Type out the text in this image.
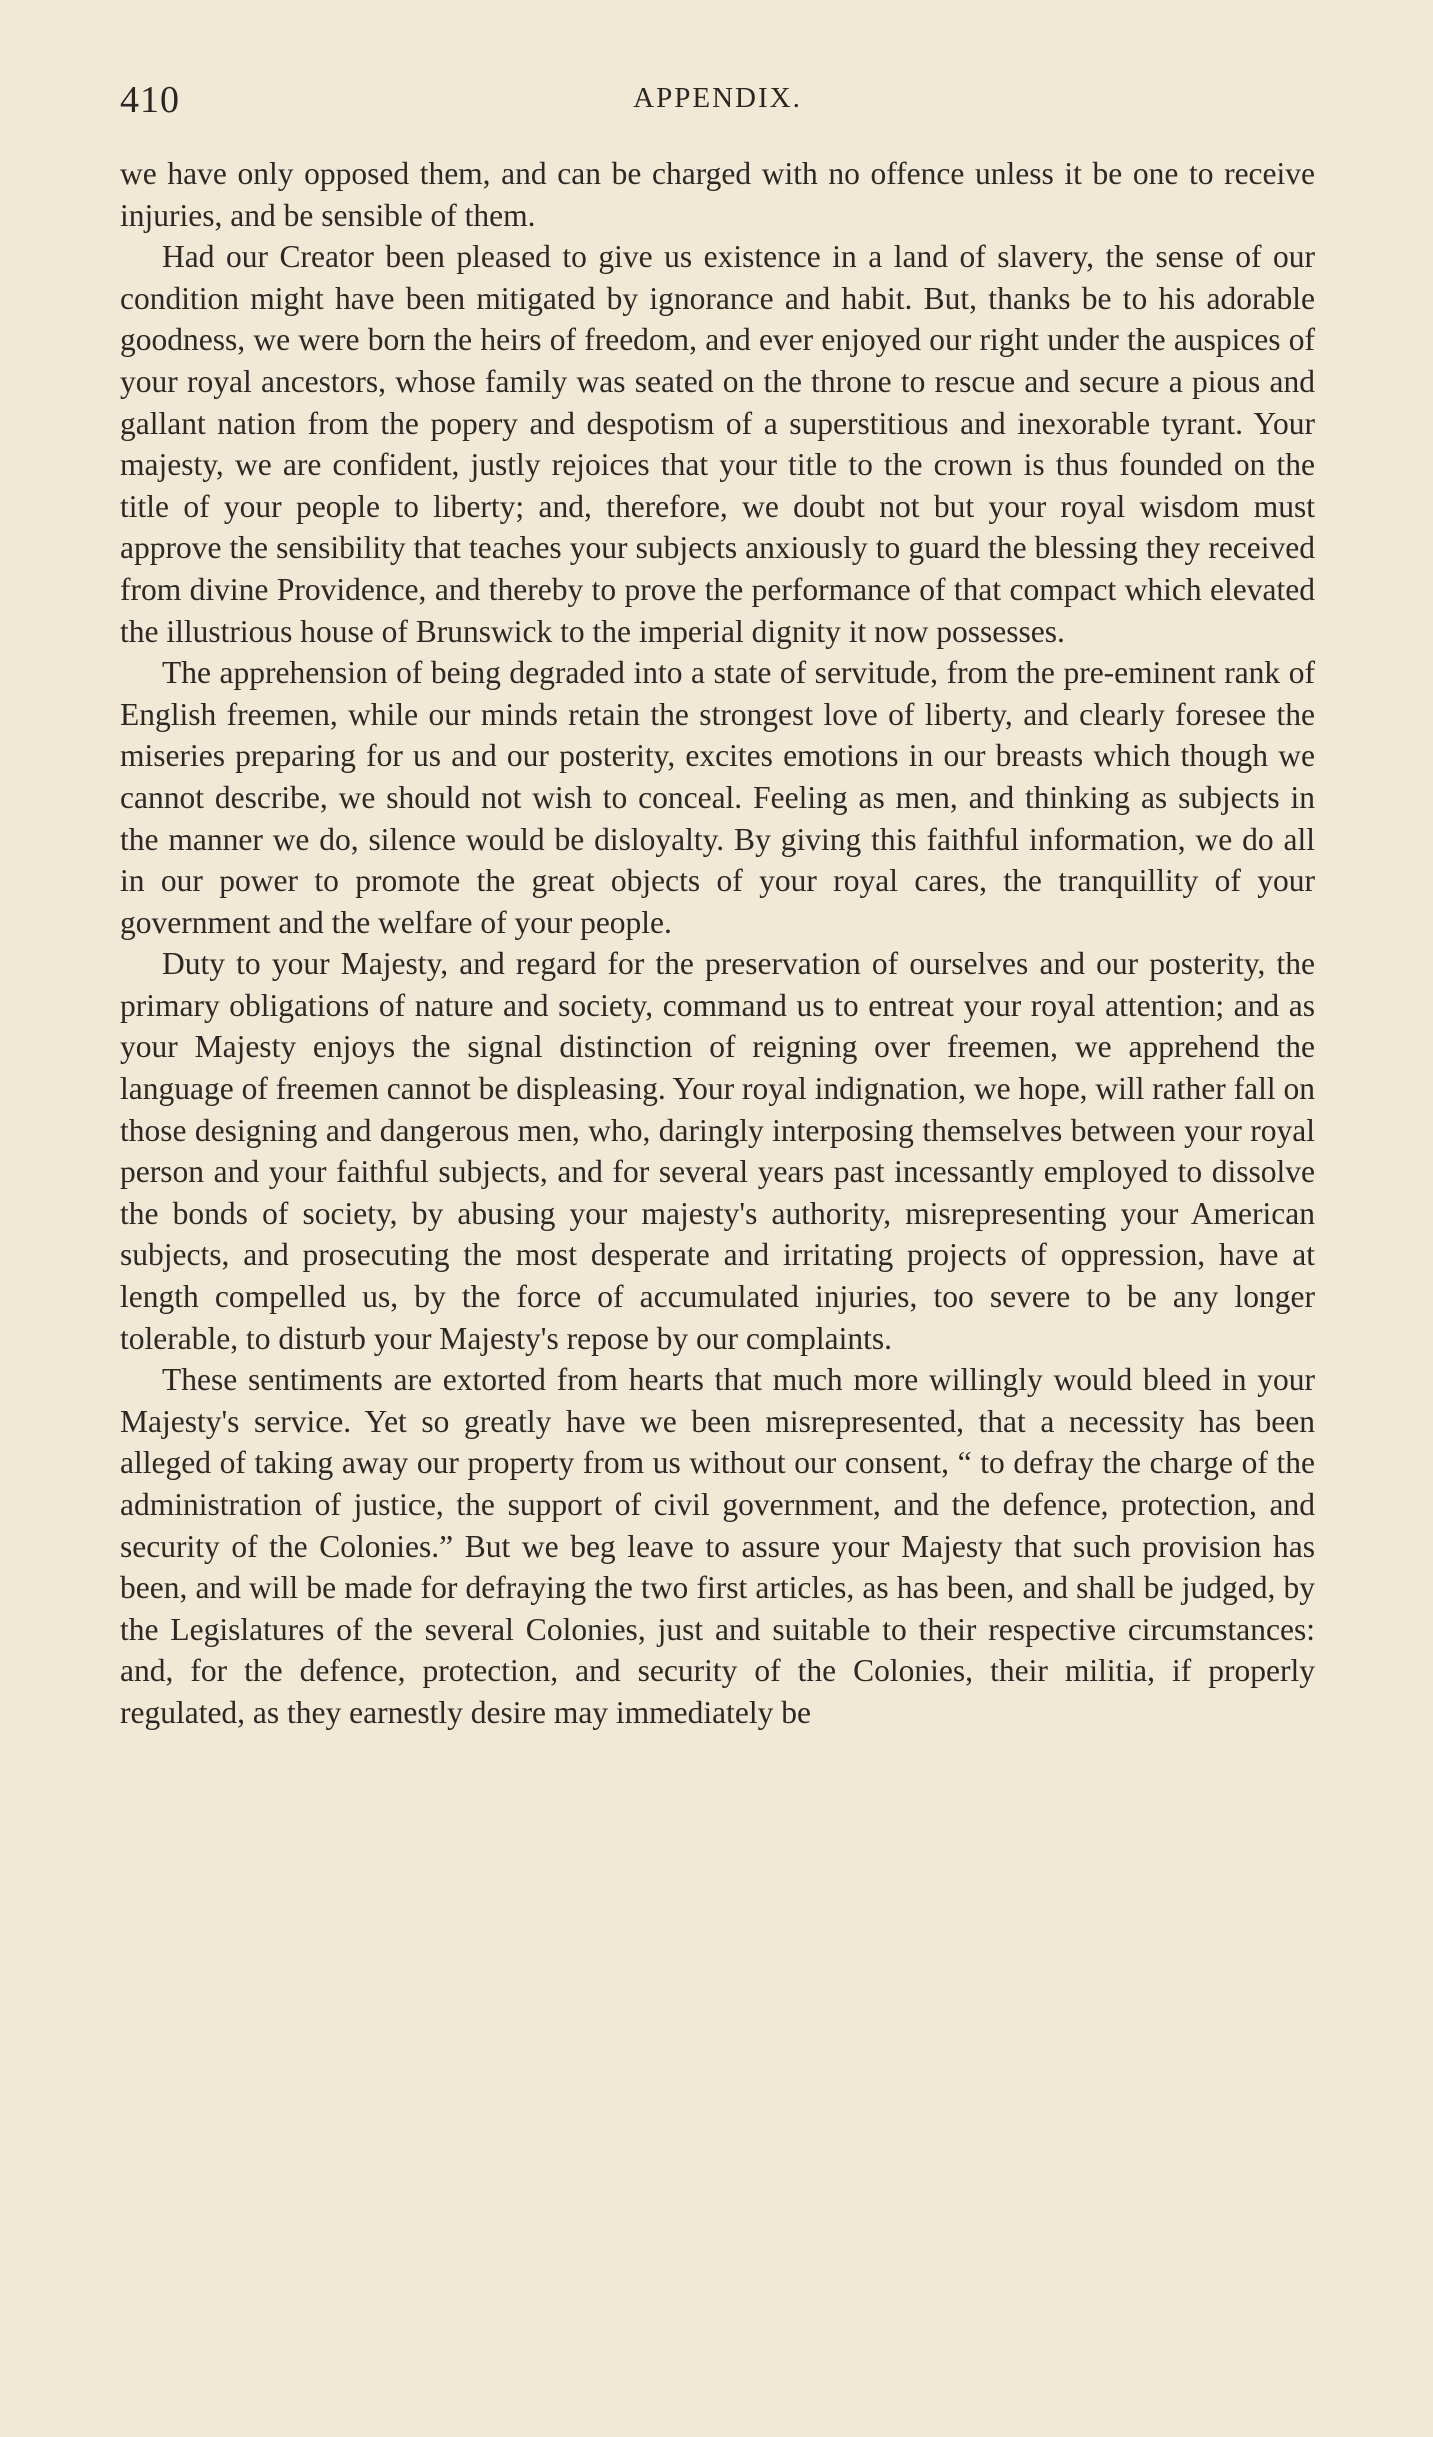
410	APPENDIX.

we have only opposed them, and can be charged with no offence unless it be one to receive injuries, and be sensible of them.

Had our Creator been pleased to give us existence in a land of slavery, the sense of our condition might have been mitigated by ignorance and habit. But, thanks be to his adorable goodness, we were born the heirs of freedom, and ever enjoyed our right under the auspices of your royal ancestors, whose family was seated on the throne to rescue and secure a pious and gallant nation from the popery and despotism of a superstitious and inexorable tyrant. Your majesty, we are confident, justly rejoices that your title to the crown is thus founded on the title of your people to liberty; and, therefore, we doubt not but your royal wisdom must approve the sensibility that teaches your subjects anxiously to guard the blessing they received from divine Providence, and thereby to prove the performance of that compact which elevated the illustrious house of Brunswick to the imperial dignity it now possesses.

The apprehension of being degraded into a state of servitude, from the pre-eminent rank of English freemen, while our minds retain the strongest love of liberty, and clearly foresee the miseries preparing for us and our posterity, excites emotions in our breasts which though we cannot describe, we should not wish to conceal. Feeling as men, and thinking as subjects in the manner we do, silence would be disloyalty. By giving this faithful information, we do all in our power to promote the great objects of your royal cares, the tranquillity of your government and the welfare of your people.

Duty to your Majesty, and regard for the preservation of ourselves and our posterity, the primary obligations of nature and society, command us to entreat your royal attention; and as your Majesty enjoys the signal distinction of reigning over freemen, we apprehend the language of freemen cannot be displeasing. Your royal indignation, we hope, will rather fall on those designing and dangerous men, who, daringly interposing themselves between your royal person and your faithful subjects, and for several years past incessantly employed to dissolve the bonds of society, by abusing your majesty's authority, misrepresenting your American subjects, and prosecuting the most desperate and irritating projects of oppression, have at length compelled us, by the force of accumulated injuries, too severe to be any longer tolerable, to disturb your Majesty's repose by our complaints.

These sentiments are extorted from hearts that much more willingly would bleed in your Majesty's service. Yet so greatly have we been misrepresented, that a necessity has been alleged of taking away our property from us without our consent, “ to defray the charge of the administration of justice, the support of civil government, and the defence, protection, and security of the Colonies.” But we beg leave to assure your Majesty that such provision has been, and will be made for defraying the two first articles, as has been, and shall be judged, by the Legislatures of the several Colonies, just and suitable to their respective circumstances: and, for the defence, protection, and security of the Colonies, their militia, if properly regulated, as they earnestly desire may immediately be
